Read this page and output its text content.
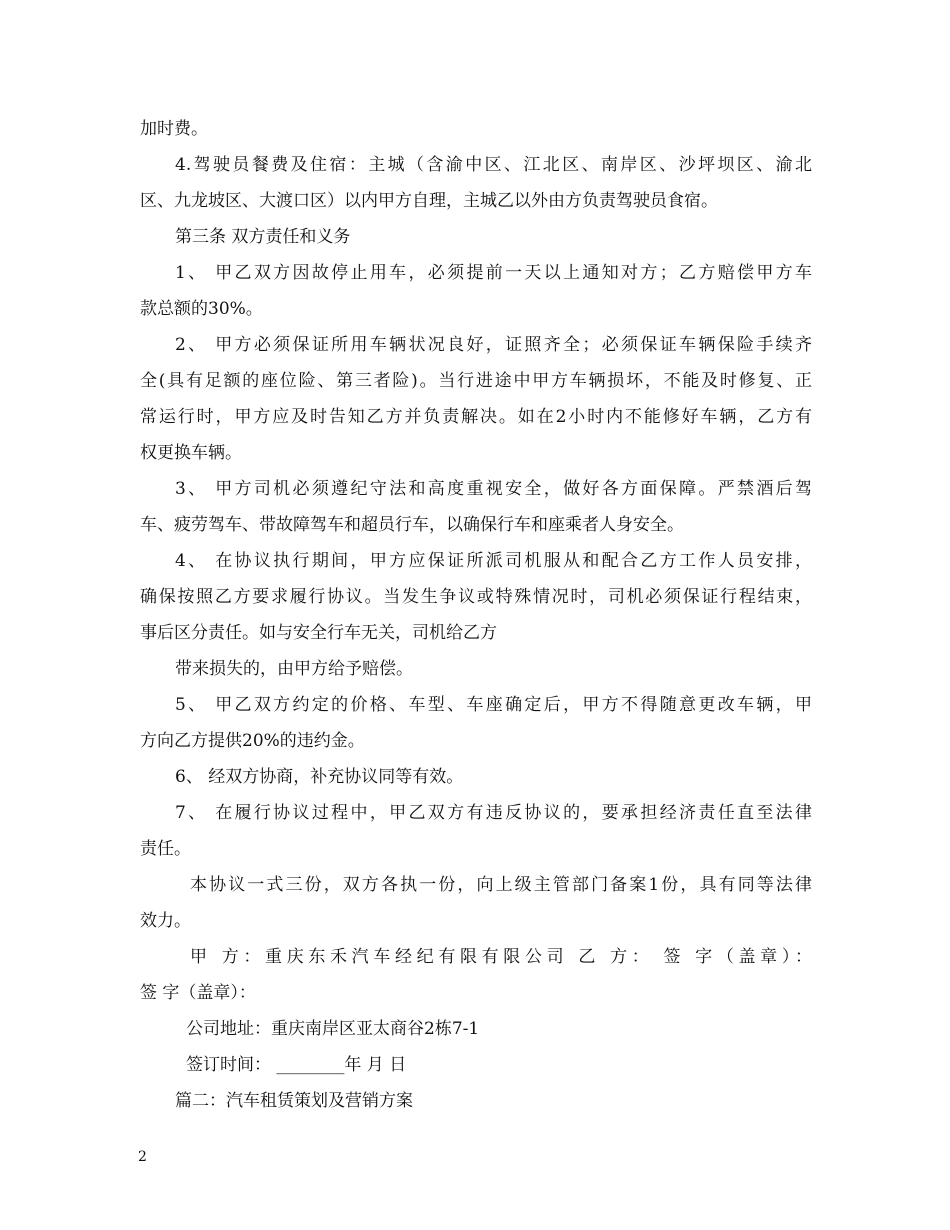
加时费。
4.驾驶员餐费及住宿：主城（含渝中区、江北区、南岸区、沙坪坝区、渝北
区、九龙坡区、大渡口区）以内甲方自理，主城乙以外由方负责驾驶员食宿。
第三条 双方责任和义务
1、 甲乙双方因故停止用车，必须提前一天以上通知对方；乙方赔偿甲方车
款总额的30%。
2、 甲方必须保证所用车辆状况良好，证照齐全；必须保证车辆保险手续齐
全(具有足额的座位险、第三者险)。当行进途中甲方车辆损坏，不能及时修复、正
常运行时，甲方应及时告知乙方并负责解决。如在2小时内不能修好车辆，乙方有
权更换车辆。
3、 甲方司机必须遵纪守法和高度重视安全，做好各方面保障。严禁酒后驾
车、疲劳驾车、带故障驾车和超员行车，以确保行车和座乘者人身安全。
4、 在协议执行期间，甲方应保证所派司机服从和配合乙方工作人员安排，
确保按照乙方要求履行协议。当发生争议或特殊情况时，司机必须保证行程结束，
事后区分责任。如与安全行车无关，司机给乙方
带来损失的，由甲方给予赔偿。
5、 甲乙双方约定的价格、车型、车座确定后，甲方不得随意更改车辆，甲
方向乙方提供20%的违约金。
6、 经双方协商，补充协议同等有效。
7、 在履行协议过程中，甲乙双方有违反协议的，要承担经济责任直至法律
责任。
本协议一式三份，双方各执一份，向上级主管部门备案1份，具有同等法律
效力。
甲 方：重庆东禾汽车经纪有限有限公司 乙 方： 签 字（盖章）：
签 字（盖章）：
公司地址：重庆南岸区亚太商谷2栋7-1
签订时间： ________年 月 日
篇二：汽车租赁策划及营销方案
2
